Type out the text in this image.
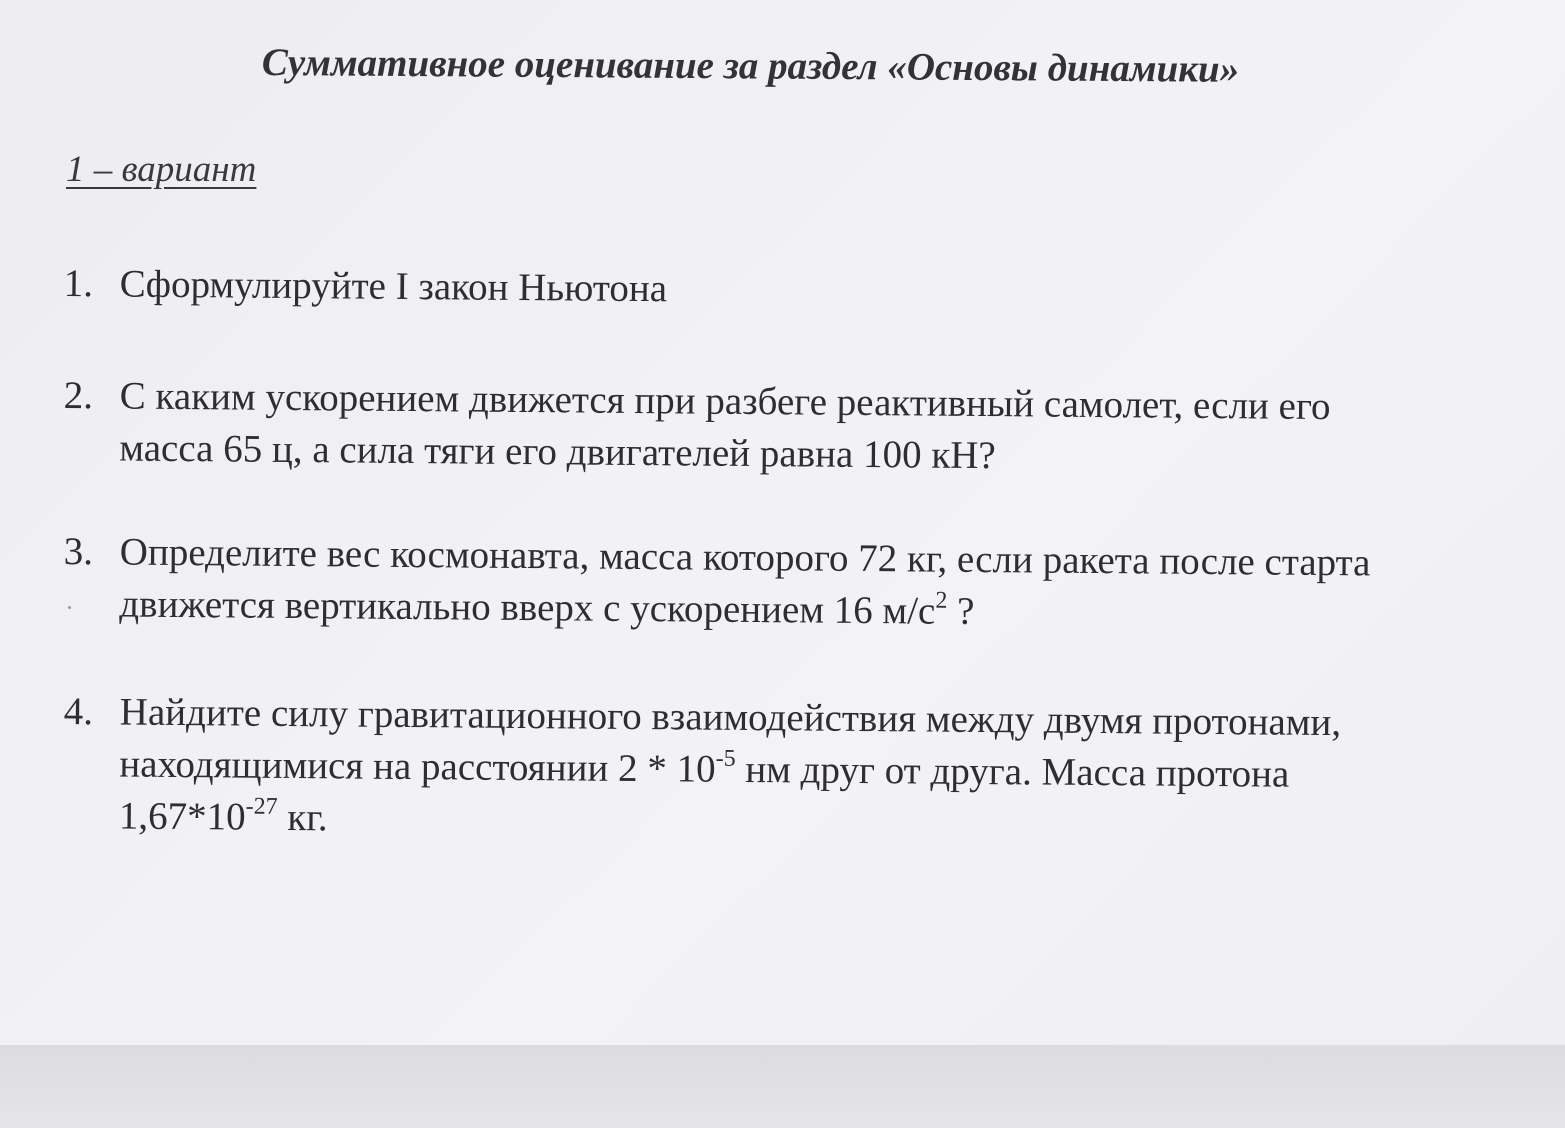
Суммативное оценивание за раздел «Основы динамики»
1 – вариант
1. Сформулируйте I закон Ньютона
2. С каким ускорением движется при разбеге реактивный самолет, если его
масса 65 ц, а сила тяги его двигателей равна 100 кН?
3. Определите вес космонавта, масса которого 72 кг, если ракета после старта
движется вертикально вверх с ускорением 16 $м/с^2$ ?
4. Найдите силу гравитационного взаимодействия между двумя протонами,
находящимися на расстоянии $2 * 10^{-5}$ нм друг от друга. Масса протона
$1,67*10^{-27}$ кг.
